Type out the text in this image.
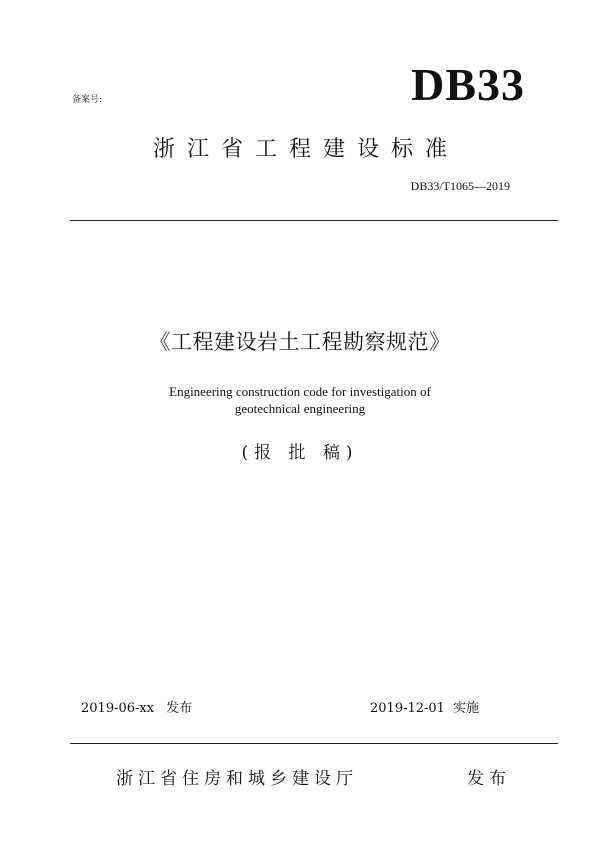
备案号:	DB33
浙江省工程建设标准
DB33/T1065—2019
《工程建设岩土工程勘察规范》
Engineering construction code for investigation of
geotechnical engineering
(报 批 稿)
2019-06-xx 发布	2019-12-01 实施
浙江省住房和城乡建设厅	发布
